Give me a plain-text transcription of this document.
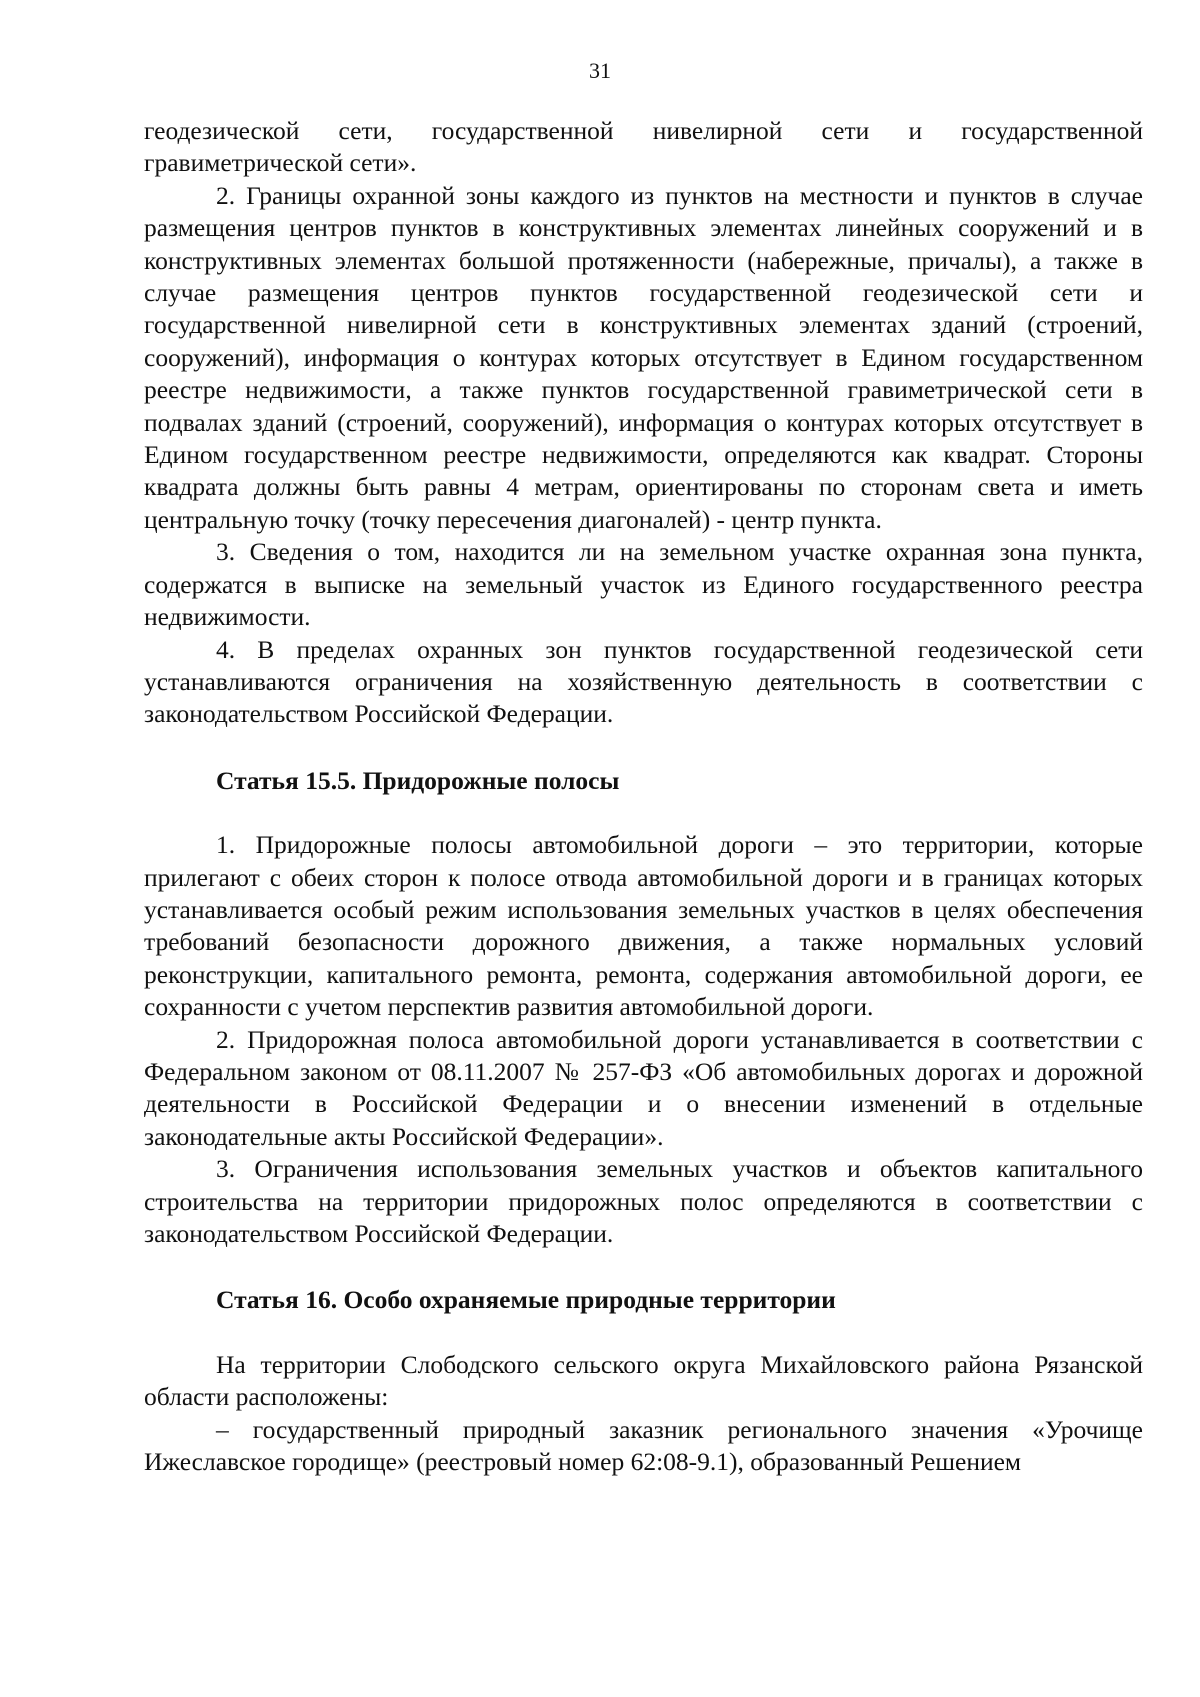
31

геодезической сети, государственной нивелирной сети и государственной гравиметрической сети».

2. Границы охранной зоны каждого из пунктов на местности и пунктов в случае размещения центров пунктов в конструктивных элементах линейных сооружений и в конструктивных элементах большой протяженности (набережные, причалы), а также в случае размещения центров пунктов государственной геодезической сети и государственной нивелирной сети в конструктивных элементах зданий (строений, сооружений), информация о контурах которых отсутствует в Едином государственном реестре недвижимости, а также пунктов государственной гравиметрической сети в подвалах зданий (строений, сооружений), информация о контурах которых отсутствует в Едином государственном реестре недвижимости, определяются как квадрат. Стороны квадрата должны быть равны 4 метрам, ориентированы по сторонам света и иметь центральную точку (точку пересечения диагоналей) - центр пункта.

3. Сведения о том, находится ли на земельном участке охранная зона пункта, содержатся в выписке на земельный участок из Единого государственного реестра недвижимости.

4. В пределах охранных зон пунктов государственной геодезической сети устанавливаются ограничения на хозяйственную деятельность в соответствии с законодательством Российской Федерации.

Статья 15.5. Придорожные полосы

1. Придорожные полосы автомобильной дороги – это территории, которые прилегают с обеих сторон к полосе отвода автомобильной дороги и в границах которых устанавливается особый режим использования земельных участков в целях обеспечения требований безопасности дорожного движения, а также нормальных условий реконструкции, капитального ремонта, ремонта, содержания автомобильной дороги, ее сохранности с учетом перспектив развития автомобильной дороги.

2. Придорожная полоса автомобильной дороги устанавливается в соответствии с Федеральном законом от 08.11.2007 № 257-ФЗ «Об автомобильных дорогах и дорожной деятельности в Российской Федерации и о внесении изменений в отдельные законодательные акты Российской Федерации».

3. Ограничения использования земельных участков и объектов капитального строительства на территории придорожных полос определяются в соответствии с законодательством Российской Федерации.

Статья 16. Особо охраняемые природные территории

На территории Слободского сельского округа Михайловского района Рязанской области расположены:

– государственный природный заказник регионального значения «Урочище Ижеславское городище» (реестровый номер 62:08-9.1), образованный Решением
